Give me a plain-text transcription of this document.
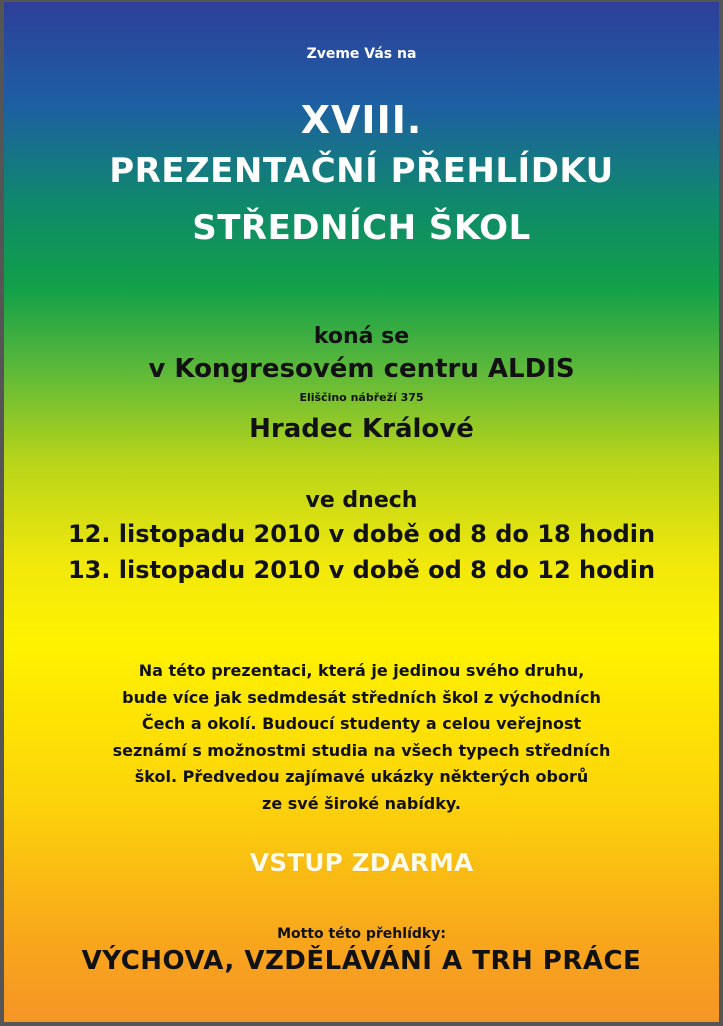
Zveme Vás na
XVIII.
PREZENTAČNÍ PŘEHLÍDKU
STŘEDNÍCH ŠKOL
koná se
v Kongresovém centru ALDIS
Eliščino nábřeží 375
Hradec Králové
ve dnech
12. listopadu 2010 v době od 8 do 18 hodin
13. listopadu 2010 v době od 8 do 12 hodin
Na této prezentaci, která je jedinou svého druhu,
bude více jak sedmdesát středních škol z východních
Čech a okolí. Budoucí studenty a celou veřejnost
seznámí s možnostmi studia na všech typech středních
škol. Předvedou zajímavé ukázky některých oborů
ze své široké nabídky.
VSTUP ZDARMA
Motto této přehlídky:
VÝCHOVA, VZDĚLÁVÁNÍ A TRH PRÁCE
